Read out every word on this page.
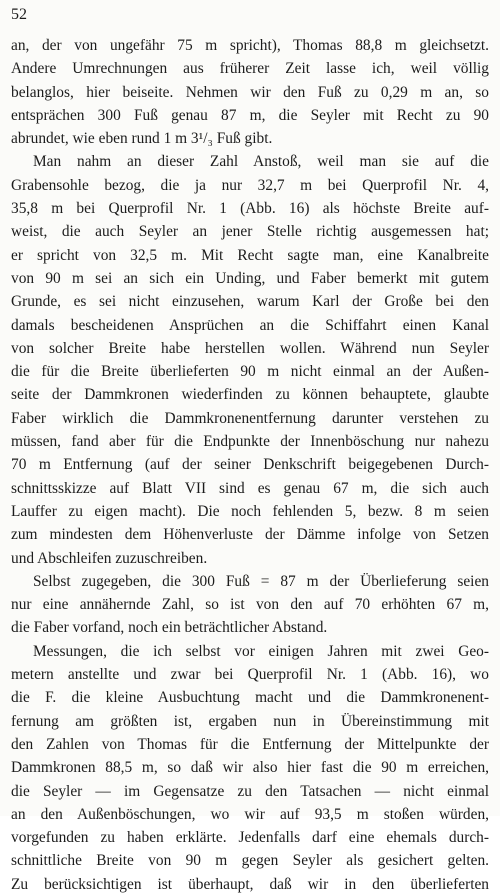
52
an, der von ungefähr 75 m spricht), Thomas 88,8 m gleichsetzt.
Andere Umrechnungen aus früherer Zeit lasse ich, weil völlig
belanglos, hier beiseite. Nehmen wir den Fuß zu 0,29 m an, so
entsprächen 300 Fuß genau 87 m, die Seyler mit Recht zu 90
abrundet, wie eben rund 1 m 3¹/₃ Fuß gibt.
Man nahm an dieser Zahl Anstoß, weil man sie auf die
Grabensohle bezog, die ja nur 32,7 m bei Querprofil Nr. 4,
35,8 m bei Querprofil Nr. 1 (Abb. 16) als höchste Breite auf-
weist, die auch Seyler an jener Stelle richtig ausgemessen hat;
er spricht von 32,5 m. Mit Recht sagte man, eine Kanalbreite
von 90 m sei an sich ein Unding, und Faber bemerkt mit gutem
Grunde, es sei nicht einzusehen, warum Karl der Große bei den
damals bescheidenen Ansprüchen an die Schiffahrt einen Kanal
von solcher Breite habe herstellen wollen. Während nun Seyler
die für die Breite überlieferten 90 m nicht einmal an der Außen-
seite der Dammkronen wiederfinden zu können behauptete, glaubte
Faber wirklich die Dammkronenentfernung darunter verstehen zu
müssen, fand aber für die Endpunkte der Innenböschung nur nahezu
70 m Entfernung (auf der seiner Denkschrift beigegebenen Durch-
schnittsskizze auf Blatt VII sind es genau 67 m, die sich auch
Lauffer zu eigen macht). Die noch fehlenden 5, bezw. 8 m seien
zum mindesten dem Höhenverluste der Dämme infolge von Setzen
und Abschleifen zuzuschreiben.
Selbst zugegeben, die 300 Fuß = 87 m der Überlieferung seien
nur eine annähernde Zahl, so ist von den auf 70 erhöhten 67 m,
die Faber vorfand, noch ein beträchtlicher Abstand.
Messungen, die ich selbst vor einigen Jahren mit zwei Geo-
metern anstellte und zwar bei Querprofil Nr. 1 (Abb. 16), wo
die F. die kleine Ausbuchtung macht und die Dammkronenent-
fernung am größten ist, ergaben nun in Übereinstimmung mit
den Zahlen von Thomas für die Entfernung der Mittelpunkte der
Dammkronen 88,5 m, so daß wir also hier fast die 90 m erreichen,
die Seyler — im Gegensatze zu den Tatsachen — nicht einmal
an den Außenböschungen, wo wir auf 93,5 m stoßen würden,
vorgefunden zu haben erklärte. Jedenfalls darf eine ehemals durch-
schnittliche Breite von 90 m gegen Seyler als gesichert gelten.
Zu berücksichtigen ist überhaupt, daß wir in den überlieferten
